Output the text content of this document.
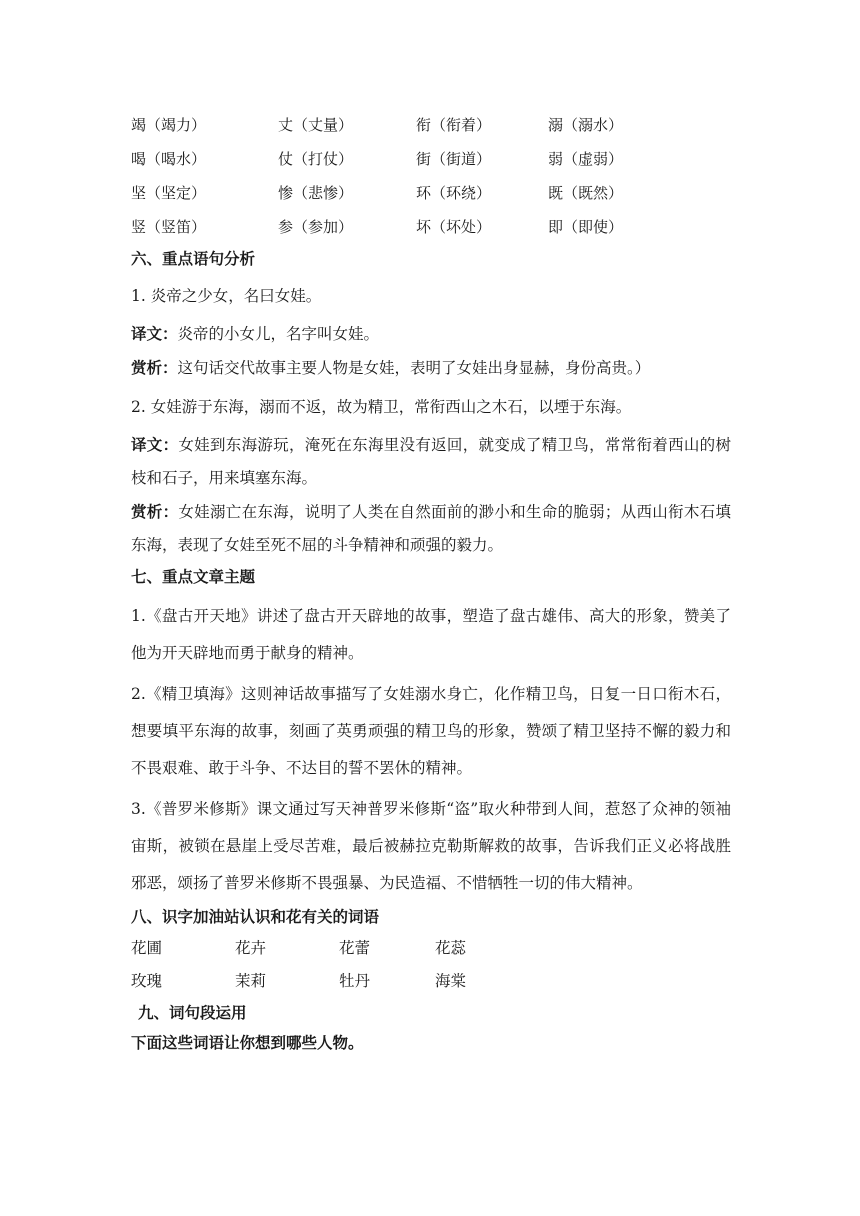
竭（竭力）	丈（丈量）	衔（衔着）	溺（溺水）
喝（喝水）	仗（打仗）	街（街道）	弱（虚弱）
坚（坚定）	惨（悲惨）	环（环绕）	既（既然）
竖（竖笛）	参（参加）	坏（坏处）	即（即使）
六、重点语句分析

1. 炎帝之少女，名曰女娃。

译文：炎帝的小女儿，名字叫女娃。

赏析：这句话交代故事主要人物是女娃，表明了女娃出身显赫，身份高贵。）

2. 女娃游于东海，溺而不返，故为精卫，常衔西山之木石，以堙于东海。

译文：女娃到东海游玩，淹死在东海里没有返回，就变成了精卫鸟，常常衔着西山的树枝和石子，用来填塞东海。

赏析：女娃溺亡在东海，说明了人类在自然面前的渺小和生命的脆弱；从西山衔木石填东海，表现了女娃至死不屈的斗争精神和顽强的毅力。

七、重点文章主题

1.《盘古开天地》讲述了盘古开天辟地的故事，塑造了盘古雄伟、高大的形象，赞美了他为开天辟地而勇于献身的精神。

2.《精卫填海》这则神话故事描写了女娃溺水身亡，化作精卫鸟，日复一日口衔木石，想要填平东海的故事，刻画了英勇顽强的精卫鸟的形象，赞颂了精卫坚持不懈的毅力和不畏艰难、敢于斗争、不达目的誓不罢休的精神。

3.《普罗米修斯》课文通过写天神普罗米修斯“盗”取火种带到人间，惹怒了众神的领袖宙斯，被锁在悬崖上受尽苦难，最后被赫拉克勒斯解救的故事，告诉我们正义必将战胜邪恶，颂扬了普罗米修斯不畏强暴、为民造福、不惜牺牲一切的伟大精神。

八、识字加油站认识和花有关的词语
花圃	花卉	花蕾	花蕊
玫瑰	茉莉	牡丹	海棠
九、词句段运用

下面这些词语让你想到哪些人物。
